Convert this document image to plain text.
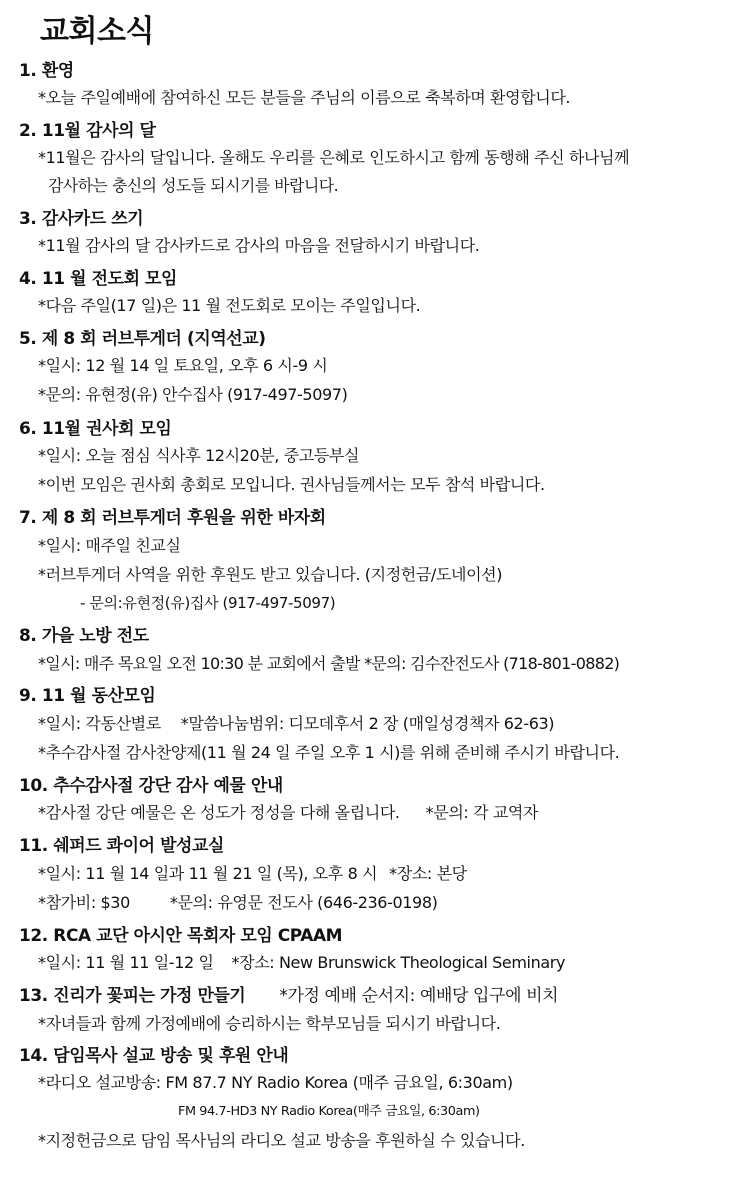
교회소식
1. 환영
*오늘 주일예배에 참여하신 모든 분들을 주님의 이름으로 축복하며 환영합니다.
2. 11월 감사의 달
*11월은 감사의 달입니다. 올해도 우리를 은혜로 인도하시고 함께 동행해 주신 하나님께
감사하는 충신의 성도들 되시기를 바랍니다.
3. 감사카드 쓰기
*11월 감사의 달 감사카드로 감사의 마음을 전달하시기 바랍니다.
4. 11 월 전도회 모임
*다음 주일(17 일)은 11 월 전도회로 모이는 주일입니다.
5. 제 8 회 러브투게더 (지역선교)
*일시: 12 월 14 일 토요일, 오후 6 시-9 시
*문의: 유현정(유) 안수집사 (917-497-5097)
6. 11월 권사회 모임
*일시: 오늘 점심 식사후 12시20분, 중고등부실
*이번 모임은 권사회 총회로 모입니다. 권사님들께서는 모두 참석 바랍니다.
7. 제 8 회 러브투게더 후원을 위한 바자회
*일시: 매주일 친교실
*러브투게더 사역을 위한 후원도 받고 있습니다. (지정헌금/도네이션)
- 문의:유현정(유)집사 (917-497-5097)
8. 가을 노방 전도
*일시: 매주 목요일 오전 10:30 분 교회에서 출발 *문의: 김수잔전도사 (718-801-0882)
9. 11 월 동산모임
*일시: 각동산별로 *말씀나눔범위: 디모데후서 2 장 (매일성경책자 62-63)
*추수감사절 감사찬양제(11 월 24 일 주일 오후 1 시)를 위해 준비해 주시기 바랍니다.
10. 추수감사절 강단 감사 예물 안내
*감사절 강단 예물은 온 성도가 정성을 다해 올립니다. *문의: 각 교역자
11. 쉐퍼드 콰이어 발성교실
*일시: 11 월 14 일과 11 월 21 일 (목), 오후 8 시 *장소: 본당
*참가비: $30 *문의: 유영문 전도사 (646-236-0198)
12. RCA 교단 아시안 목회자 모임 CPAAM
*일시: 11 월 11 일-12 일 *장소: New Brunswick Theological Seminary
13. 진리가 꽃피는 가정 만들기 *가정 예배 순서지: 예배당 입구에 비치
*자녀들과 함께 가정예배에 승리하시는 학부모님들 되시기 바랍니다.
14. 담임목사 설교 방송 및 후원 안내
*라디오 설교방송: FM 87.7 NY Radio Korea (매주 금요일, 6:30am)
FM 94.7-HD3 NY Radio Korea(매주 금요일, 6:30am)
*지정헌금으로 담임 목사님의 라디오 설교 방송을 후원하실 수 있습니다.
